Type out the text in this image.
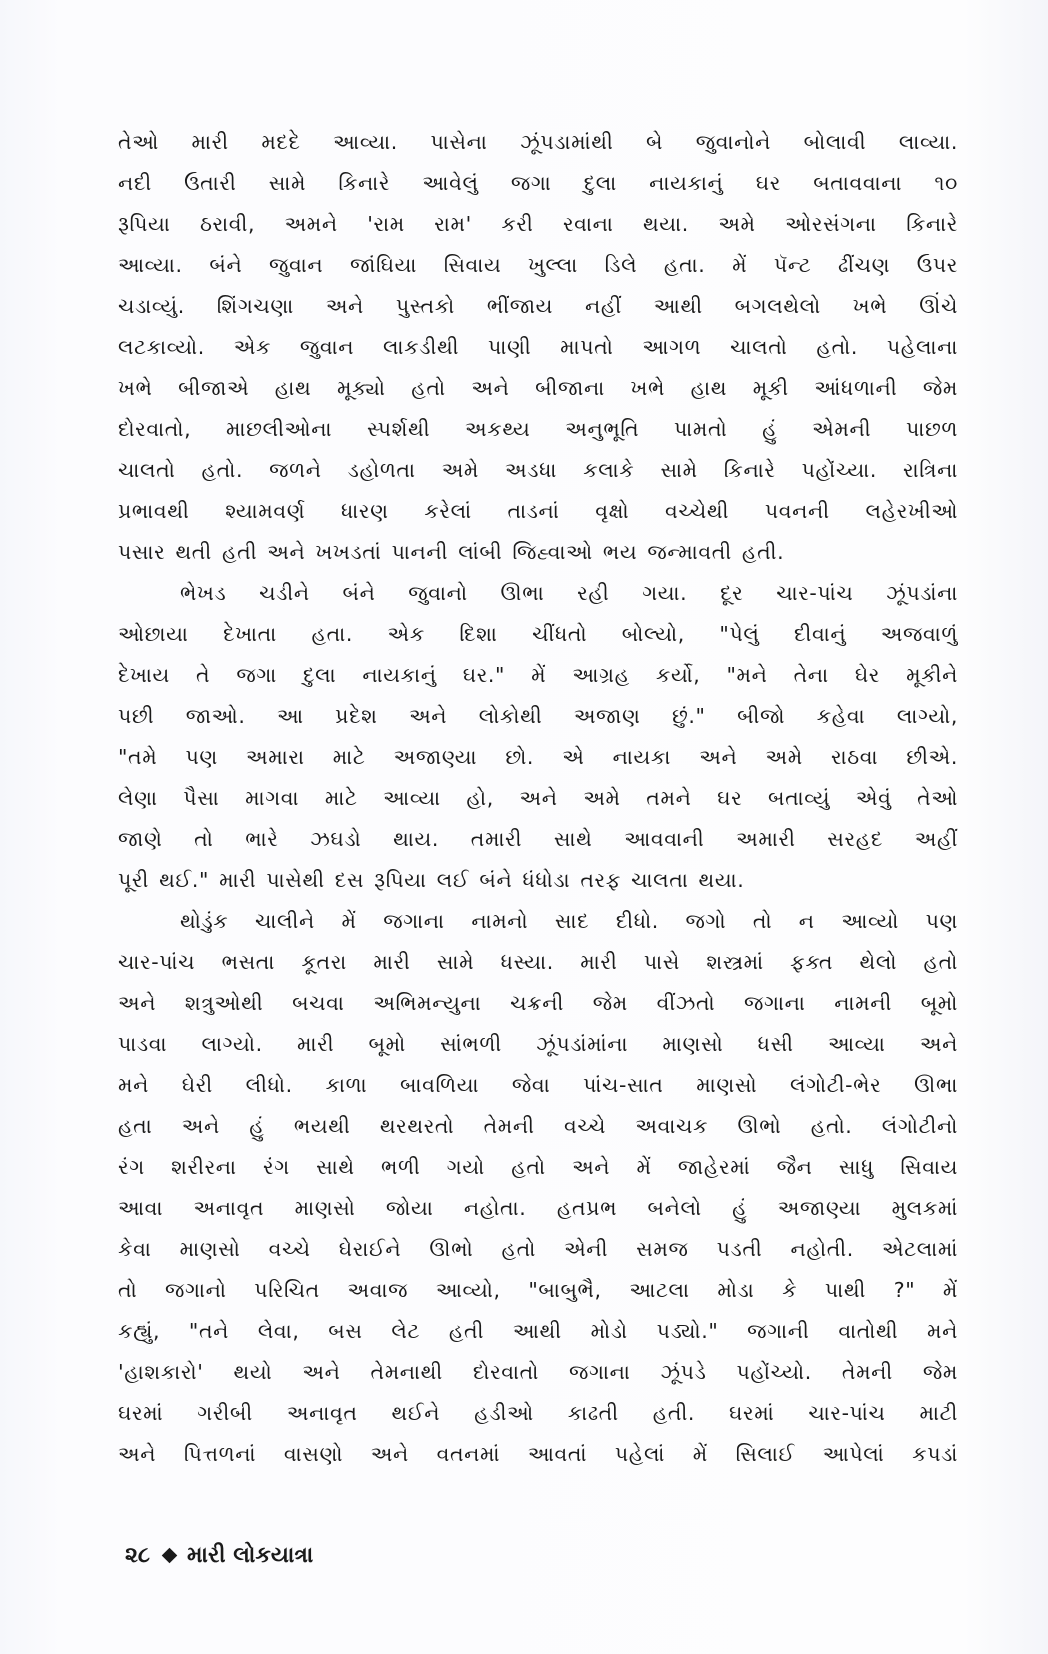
તેઓ મારી મદદે આવ્યા. પાસેના ઝૂંપડામાંથી બે જુવાનોને બોલાવી લાવ્યા.
નદી ઉતારી સામે કિનારે આવેલું જગા દુલા નાયકાનું ઘર બતાવવાના ૧૦
રૂપિયા ઠરાવી, અમને 'રામ રામ' કરી રવાના થયા. અમે ઓરસંગના કિનારે
આવ્યા. બંને જુવાન જાંઘિયા સિવાય ખુલ્લા ડિલે હતા. મેં પૅન્ટ ઢીંચણ ઉપર
ચડાવ્યું. શિંગચણા અને પુસ્તકો ભીંજાય નહીં આથી બગલથેલો ખભે ઊંચે
લટકાવ્યો. એક જુવાન લાકડીથી પાણી માપતો આગળ ચાલતો હતો. પહેલાના
ખભે બીજાએ હાથ મૂક્યો હતો અને બીજાના ખભે હાથ મૂકી આંધળાની જેમ
દોરવાતો, માછલીઓના સ્પર્શથી અકથ્ય અનુભૂતિ પામતો હું એમની પાછળ
ચાલતો હતો. જળને ડહોળતા અમે અડધા કલાકે સામે કિનારે પહોંચ્યા. રાત્રિના
પ્રભાવથી શ્યામવર્ણ ધારણ કરેલાં તાડનાં વૃક્ષો વચ્ચેથી પવનની લહેરખીઓ
પસાર થતી હતી અને ખખડતાં પાનની લાંબી જિહ્વાઓ ભય જન્માવતી હતી.
ભેખડ ચડીને બંને જુવાનો ઊભા રહી ગયા. દૂર ચાર-પાંચ ઝૂંપડાંના
ઓછાયા દેખાતા હતા. એક દિશા ચીંધતો બોલ્યો, "પેલું દીવાનું અજવાળું
દેખાય તે જગા દુલા નાયકાનું ઘર." મેં આગ્રહ કર્યો, "મને તેના ઘેર મૂકીને
પછી જાઓ. આ પ્રદેશ અને લોકોથી અજાણ છું." બીજો કહેવા લાગ્યો,
"તમે પણ અમારા માટે અજાણ્યા છો. એ નાયકા અને અમે રાઠવા છીએ.
લેણા પૈસા માગવા માટે આવ્યા હો, અને અમે તમને ઘર બતાવ્યું એવું તેઓ
જાણે તો ભારે ઝઘડો થાય. તમારી સાથે આવવાની અમારી સરહદ અહીં
પૂરી થઈ." મારી પાસેથી દસ રૂપિયા લઈ બંને ધંધોડા તરફ ચાલતા થયા.
થોડુંક ચાલીને મેં જગાના નામનો સાદ દીધો. જગો તો ન આવ્યો પણ
ચાર-પાંચ ભસતા કૂતરા મારી સામે ધસ્યા. મારી પાસે શસ્ત્રમાં ફક્ત થેલો હતો
અને શત્રુઓથી બચવા અભિમન્યુના ચક્રની જેમ વીંઝતો જગાના નામની બૂમો
પાડવા લાગ્યો. મારી બૂમો સાંભળી ઝૂંપડાંમાંના માણસો ધસી આવ્યા અને
મને ઘેરી લીધો. કાળા બાવળિયા જેવા પાંચ-સાત માણસો લંગોટી-ભેર ઊભા
હતા અને હું ભયથી થરથરતો તેમની વચ્ચે અવાચક ઊભો હતો. લંગોટીનો
રંગ શરીરના રંગ સાથે ભળી ગયો હતો અને મેં જાહેરમાં જૈન સાધુ સિવાય
આવા અનાવૃત માણસો જોયા નહોતા. હતપ્રભ બનેલો હું અજાણ્યા મુલકમાં
કેવા માણસો વચ્ચે ઘેરાઈને ઊભો હતો એની સમજ પડતી નહોતી. એટલામાં
તો જગાનો પરિચિત અવાજ આવ્યો, "બાબુભૈ, આટલા મોડા કે પાથી ?" મેં
કહ્યું, "તને લેવા, બસ લેટ હતી આથી મોડો પડ્યો." જગાની વાતોથી મને
'હાશકારો' થયો અને તેમનાથી દોરવાતો જગાના ઝૂંપડે પહોંચ્યો. તેમની જેમ
ઘરમાં ગરીબી અનાવૃત થઈને હડીઓ કાઢતી હતી. ઘરમાં ચાર-પાંચ માટી
અને પિત્તળનાં વાસણો અને વતનમાં આવતાં પહેલાં મેં સિલાઈ આપેલાં કપડાં
૨૮ મારી લોકયાત્રા
